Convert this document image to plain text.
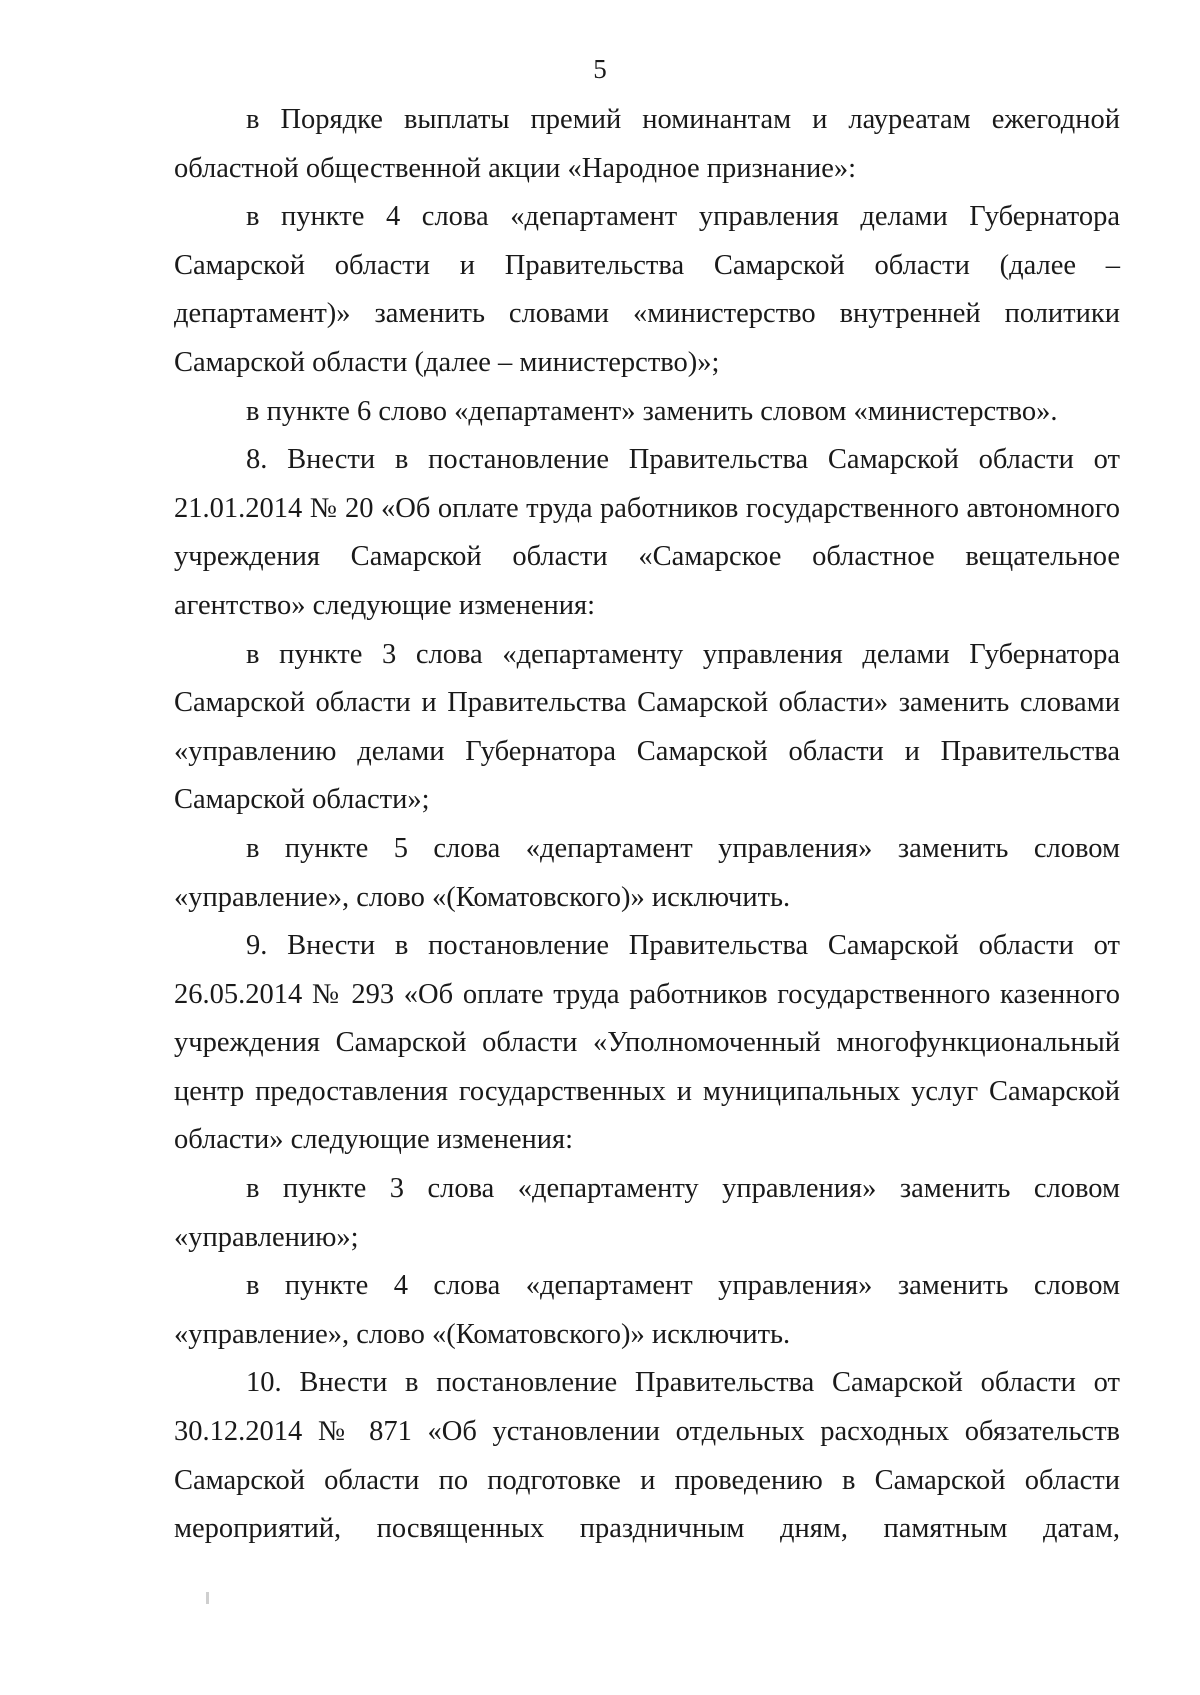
5

в Порядке выплаты премий номинантам и лауреатам ежегодной областной общественной акции «Народное признание»:

в пункте 4 слова «департамент управления делами Губернатора Самарской области и Правительства Самарской области (далее – департамент)» заменить словами «министерство внутренней политики Самарской области (далее – министерство)»;

в пункте 6 слово «департамент» заменить словом «министерство».

8. Внести в постановление Правительства Самарской области от 21.01.2014 № 20 «Об оплате труда работников государственного автономного учреждения Самарской области «Самарское областное вещательное агентство» следующие изменения:

в пункте 3 слова «департаменту управления делами Губернатора Самарской области и Правительства Самарской области» заменить словами «управлению делами Губернатора Самарской области и Правительства Самарской области»;

в пункте 5 слова «департамент управления» заменить словом «управление», слово «(Коматовского)» исключить.

9. Внести в постановление Правительства Самарской области от 26.05.2014 № 293 «Об оплате труда работников государственного казенного учреждения Самарской области «Уполномоченный многофункциональный центр предоставления государственных и муниципальных услуг Самарской области» следующие изменения:

в пункте 3 слова «департаменту управления» заменить словом «управлению»;

в пункте 4 слова «департамент управления» заменить словом «управление», слово «(Коматовского)» исключить.

10. Внести в постановление Правительства Самарской области от 30.12.2014 № 871 «Об установлении отдельных расходных обязательств Самарской области по подготовке и проведению в Самарской области мероприятий, посвященных праздничным дням, памятным датам,
